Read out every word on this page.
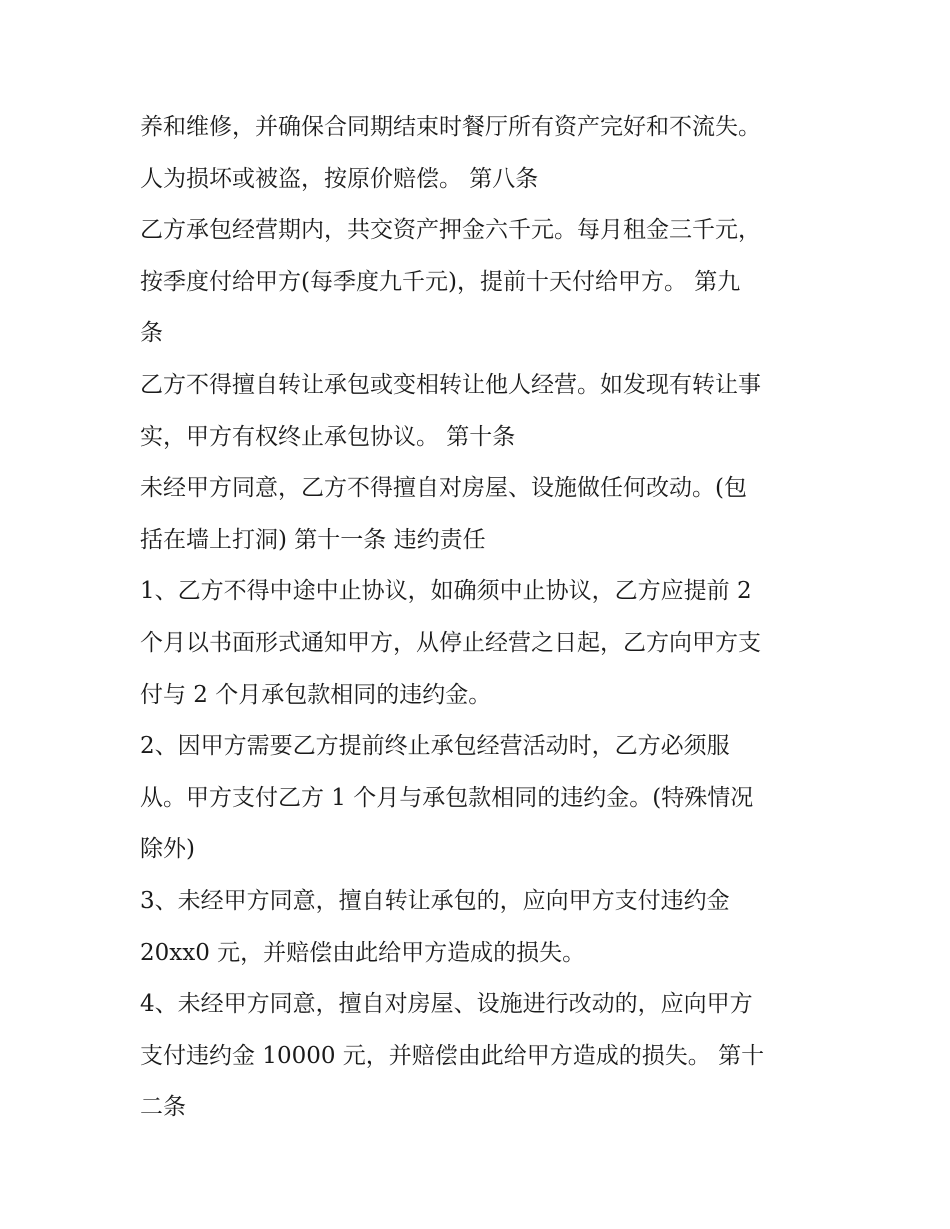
养和维修，并确保合同期结束时餐厅所有资产完好和不流失。
人为损坏或被盗，按原价赔偿。 第八条
乙方承包经营期内，共交资产押金六千元。每月租金三千元，
按季度付给甲方(每季度九千元)，提前十天付给甲方。 第九
条
乙方不得擅自转让承包或变相转让他人经营。如发现有转让事
实，甲方有权终止承包协议。 第十条
未经甲方同意，乙方不得擅自对房屋、设施做任何改动。(包
括在墙上打洞) 第十一条 违约责任
1、乙方不得中途中止协议，如确须中止协议，乙方应提前 2
个月以书面形式通知甲方，从停止经营之日起，乙方向甲方支
付与 2 个月承包款相同的违约金。
2、因甲方需要乙方提前终止承包经营活动时，乙方必须服
从。甲方支付乙方 1 个月与承包款相同的违约金。(特殊情况
除外)
3、未经甲方同意，擅自转让承包的，应向甲方支付违约金
20xx0 元，并赔偿由此给甲方造成的损失。
4、未经甲方同意，擅自对房屋、设施进行改动的，应向甲方
支付违约金 10000 元，并赔偿由此给甲方造成的损失。 第十
二条
